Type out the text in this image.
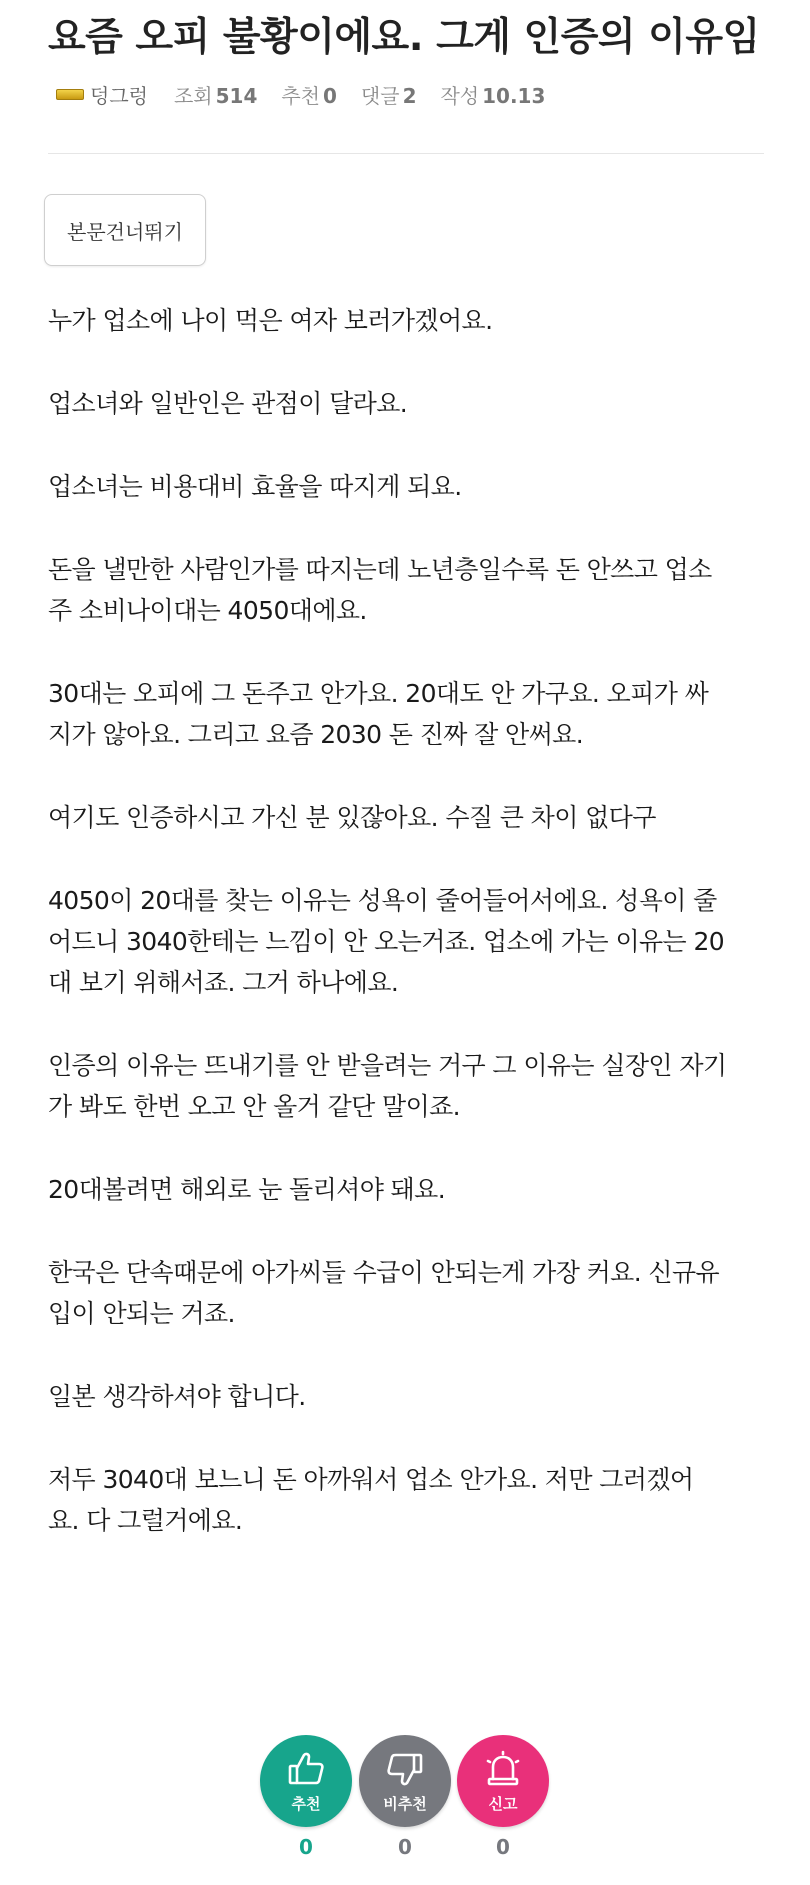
요즘 오피 불황이에요. 그게 인증의 이유임
덩그렁 조회 514 추천 0 댓글 2 작성 10.13
본문건너뛰기

누가 업소에 나이 먹은 여자 보러가겠어요.

업소녀와 일반인은 관점이 달라요.

업소녀는 비용대비 효율을 따지게 되요.

돈을 낼만한 사람인가를 따지는데 노년층일수록 돈 안쓰고 업소
주 소비나이대는 4050대에요.

30대는 오피에 그 돈주고 안가요. 20대도 안 가구요. 오피가 싸
지가 않아요. 그리고 요즘 2030 돈 진짜 잘 안써요.

여기도 인증하시고 가신 분 있잖아요. 수질 큰 차이 없다구

4050이 20대를 찾는 이유는 성욕이 줄어들어서에요. 성욕이 줄
어드니 3040한테는 느낌이 안 오는거죠. 업소에 가는 이유는 20
대 보기 위해서죠. 그거 하나에요.

인증의 이유는 뜨내기를 안 받을려는 거구 그 이유는 실장인 자기
가 봐도 한번 오고 안 올거 같단 말이죠.

20대볼려면 해외로 눈 돌리셔야 돼요.

한국은 단속때문에 아가씨들 수급이 안되는게 가장 커요. 신규유
입이 안되는 거죠.

일본 생각하셔야 합니다.

저두 3040대 보느니 돈 아까워서 업소 안가요. 저만 그러겠어
요. 다 그럴거에요.

추천	비추천	신고
0	0	0
